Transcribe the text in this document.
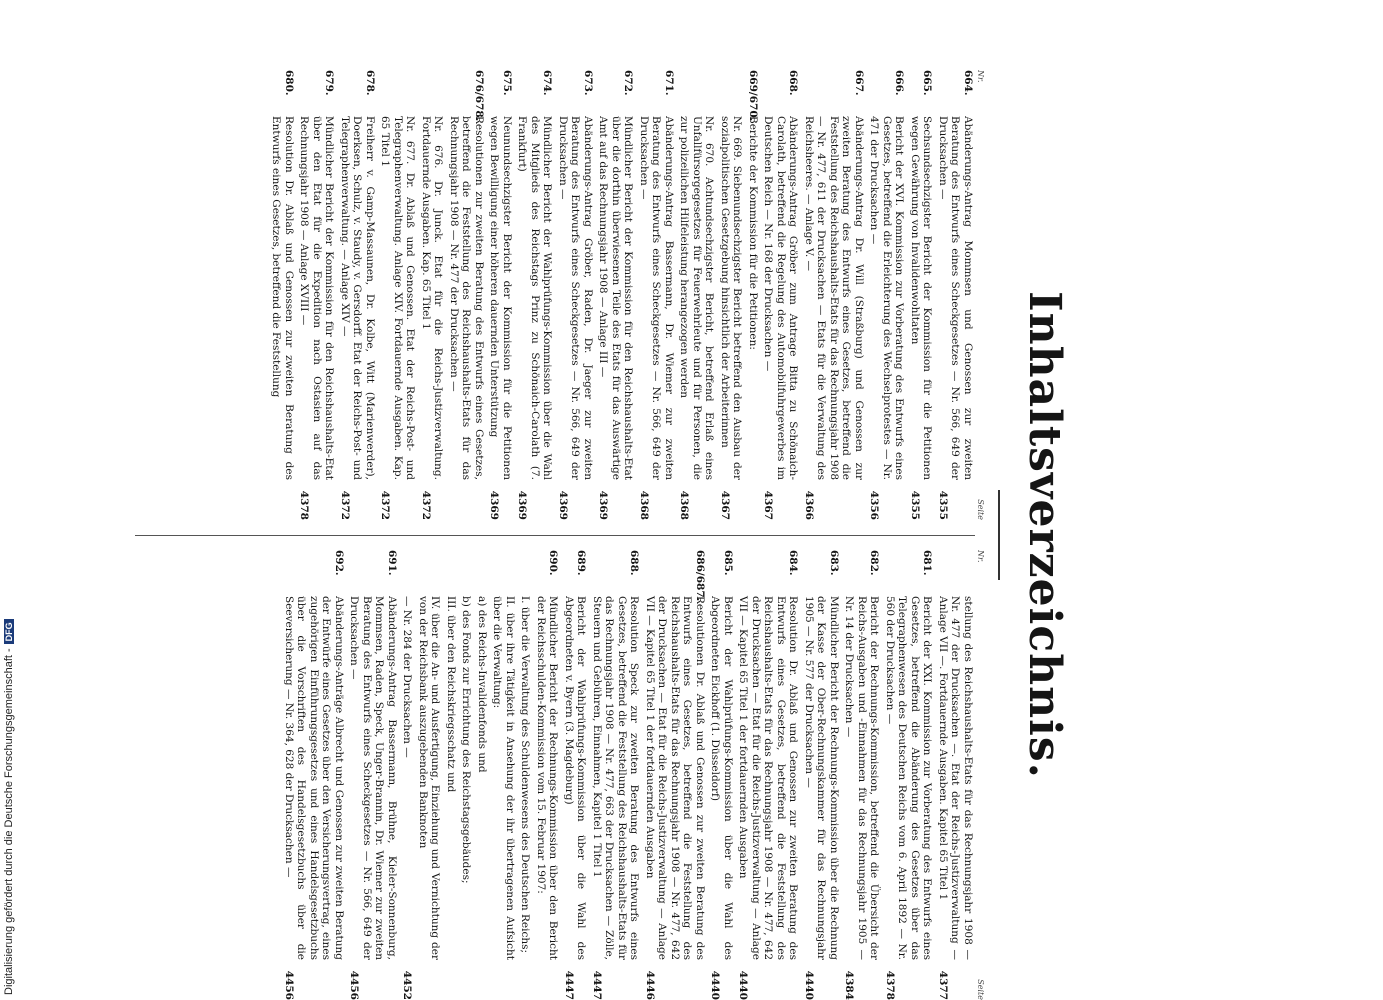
Digitalisierung gefördert durch die Deutsche Forschungsgemeinschaft -DFG	Inhaltsverzeichnis.
Nr.
Seite
664.
Abänderungs-Antrag Mommsen und Genossen zur zweiten Beratung des Entwurfs eines Scheckgesetzes — Nr. 566, 649 der Drucksachen —
4355
665.
Sechsundsechzigster Bericht der Kommission für die Petitionen wegen Gewährung von Invalidenwohltaten
4355
666.
Bericht der XVI. Kommission zur Vorberatung des Entwurfs eines Gesetzes, betreffend die Erleichterung des Wechselprotestes — Nr. 471 der Drucksachen —
4356
667.
Abänderungs-Antrag Dr. Will (Straßburg) und Genossen zur zweiten Beratung des Entwurfs eines Gesetzes, betreffend die Feststellung des Reichshaushalts-Etats für das Rechnungsjahr 1908 — Nr. 477, 611 der Drucksachen — Etats für die Verwaltung des Reichsheeres. — Anlage V. —
4366
668.
Abänderungs-Antrag Gröber zum Antrage Bitta zu Schönaich-Carolath, betreffend die Regelung des Automobilfuhrgewerbes im Deutschen Reich — Nr. 168 der Drucksachen —
4367
669/670.
Berichte der Kommission für die Petitionen:
Nr. 669. Siebenundsechzigster Bericht betreffend den Ausbau der sozialpolitischen Gesetzgebung hinsichtlich der Arbeiterinnen
4367
Nr. 670. Achtundsechzigster Bericht, betreffend Erlaß eines Unfallfürsorgegesetzes für Feuerwehrleute und für Personen, die zur polizeilichen Hilfeleistung herangezogen werden
4368
671.
Abänderungs-Antrag Bassermann, Dr. Wiemer zur zweiten Beratung des Entwurfs eines Scheckgesetzes — Nr. 566, 649 der Drucksachen —
4368
672.
Mündlicher Bericht der Kommission für den Reichshaushalts-Etat über die dorthin überwiesenen Teile des Etats für das Auswärtige Amt auf das Rechnungsjahr 1908 — Anlage III —
4369
673.
Abänderungs-Antrag Gröber, Raden, Dr. Jaeger zur zweiten Beratung des Entwurfs eines Scheckgesetzes — Nr. 566, 649 der Drucksachen —
4369
674.
Mündlicher Bericht der Wahlprüfungs-Kommission über die Wahl des Mitglieds des Reichstags Prinz zu Schönaich-Carolath (7. Frankfurt)
4369
675.
Neunundsechzigster Bericht der Kommission für die Petitionen wegen Bewilligung einer höheren dauernden Unterstützung
4369
676/678.
Resolutionen zur zweiten Beratung des Entwurfs eines Gesetzes, betreffend die Feststellung des Reichshaushalts-Etats für das Rechnungsjahr 1908 — Nr. 477 der Drucksachen —
Nr. 676. Dr. Junck. Etat für die Reichs-Justizverwaltung. Fortdauernde Ausgaben. Kap. 65 Titel 1
4372
Nr. 677. Dr. Ablaß und Genossen. Etat der Reichs-Post- und Telegraphenverwaltung. Anlage XIV. Fortdauernde Ausgaben. Kap. 65 Titel 1
4372
678.
Freiherr v. Gamp-Massaunen, Dr. Kolbe, Witt (Marienwerder), Doerksen, Schulz, v. Staudy, v. Gersdorff. Etat der Reichs-Post- und Telegraphenverwaltung. — Anlage XIV —
4372
679.
Mündlicher Bericht der Kommission für den Reichshaushalts-Etat über den Etat für die Expedition nach Ostasien auf das Rechnungsjahr 1908 — Anlage XVIII —
4378
680.
Resolution Dr. Ablaß und Genossen zur zweiten Beratung des Entwurfs eines Gesetzes, betreffend die Feststellung
Nr.
Seite
stellung des Reichshaushalts-Etats für das Rechnungsjahr 1908 — Nr. 477 der Drucksachen —. Etat der Reichs-Justizverwaltung — Anlage VII —. Fortdauernde Ausgaben. Kapitel 65 Titel 1
4377
681.
Bericht der XXI. Kommission zur Vorberatung des Entwurfs eines Gesetzes, betreffend die Abänderung des Gesetzes über das Telegraphenwesen des Deutschen Reichs vom 6. April 1892 — Nr. 560 der Drucksachen —
4378
682.
Bericht der Rechnungs-Kommission, betreffend die Übersicht der Reichs-Ausgaben und -Einnahmen für das Rechnungsjahr 1905 — Nr. 14 der Drucksachen —
4384
683.
Mündlicher Bericht der Rechnungs-Kommission über die Rechnung der Kasse der Ober-Rechnungskammer für das Rechnungsjahr 1905 — Nr. 577 der Drucksachen —
4440
684.
Resolution Dr. Ablaß und Genossen zur zweiten Beratung des Entwurfs eines Gesetzes, betreffend die Feststellung des Reichshaushalts-Etats für das Rechnungsjahr 1908 — Nr. 477, 642 der Drucksachen — Etat für die Reichs-Justizverwaltung — Anlage VII — Kapitel 65 Titel 1 der fortdauernden Ausgaben
4440
685.
Bericht der Wahlprüfungs-Kommission über die Wahl des Abgeordneten Eickhoff (1. Düsseldorf)
4440
686/687.
Resolutionen Dr. Ablaß und Genossen zur zweiten Beratung des Entwurfs eines Gesetzes, betreffend die Feststellung des Reichshaushalts-Etats für das Rechnungsjahr 1908 — Nr. 477, 642 der Drucksachen — Etat für die Reichs-Justizverwaltung — Anlage VII — Kapitel 65 Titel 1 der fortdauernden Ausgaben
4446
688.
Resolution Speck zur zweiten Beratung des Entwurfs eines Gesetzes, betreffend die Feststellung des Reichshaushalts-Etats für das Rechnungsjahr 1908 — Nr. 477, 663 der Drucksachen — Zölle, Steuern und Gebühren, Einnahmen, Kapitel 1 Titel 1
4447
689.
Bericht der Wahlprüfungs-Kommission über die Wahl des Abgeordneten v. Byern (3. Magdeburg)
4447
690.
Mündlicher Bericht der Rechnungs-Kommission über den Bericht der Reichsschulden-Kommission vom 15. Februar 1907:
I. über die Verwaltung des Schuldenwesens des Deutschen Reichs;
II. über ihre Tätigkeit in Ansehung der ihr übertragenen Aufsicht über die Verwaltung:
a) des Reichs-Invalidenfonds und
b) des Fonds zur Errichtung des Reichstagsgebäudes;
III. über den Reichskriegsschatz und
IV. über die An- und Ausfertigung, Einziehung und Vernichtung der von der Reichsbank auszugebenden Banknoten
— Nr. 284 der Drucksachen —
4452
691.
Abänderungs-Antrag Bassermann, Brühne, Kieler-Sonnenburg, Mommsen, Raden, Speck, Unger-Brannin, Dr. Wiemer zur zweiten Beratung des Entwurfs eines Scheckgesetzes — Nr. 566, 649 der Drucksachen —
4456
692.
Abänderungs-Anträge Albrecht und Genossen zur zweiten Beratung der Entwürfe eines Gesetzes über den Versicherungsvertrag, eines zugehörigen Einführungsgesetzes und eines Handelsgesetzbuchs über die Vorschriften des Handelsgesetzbuchs über die Seeversicherung — Nr. 364, 628 der Drucksachen —
4456
